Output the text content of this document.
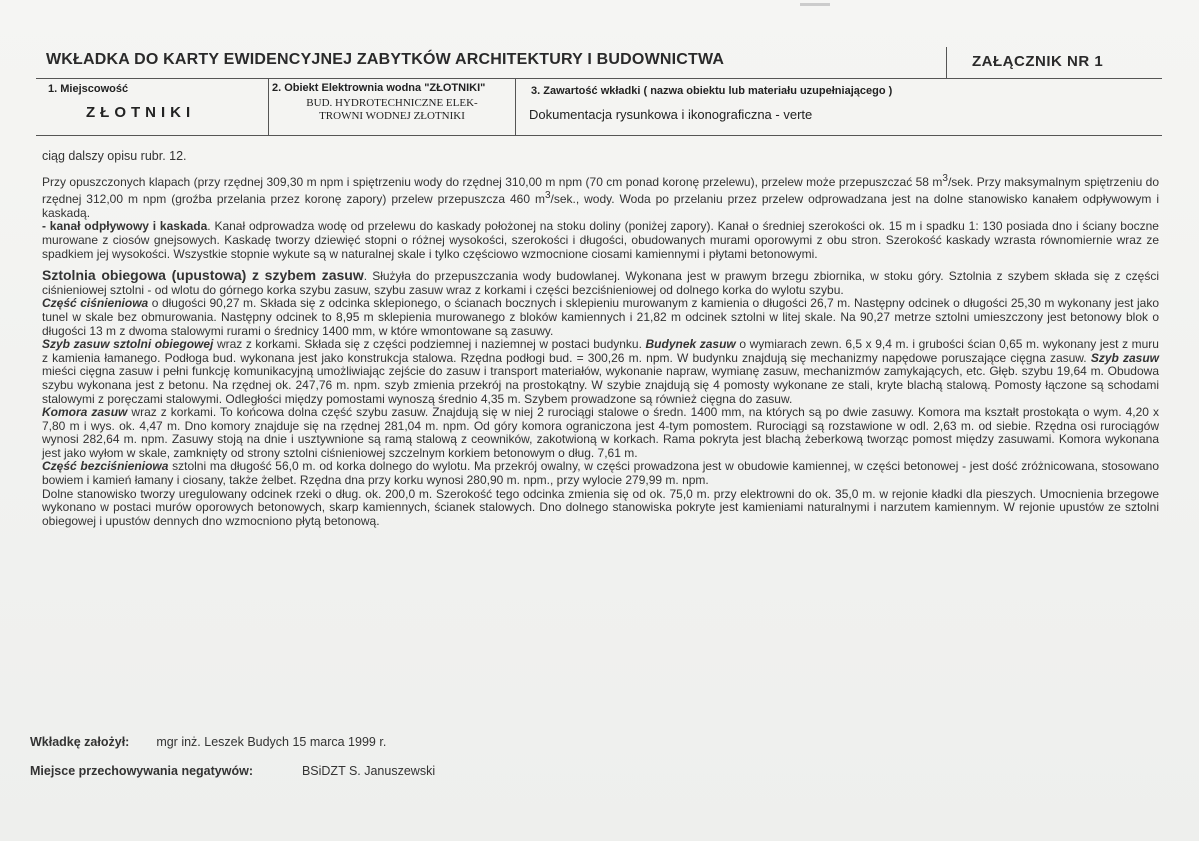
WKŁADKA DO KARTY EWIDENCYJNEJ ZABYTKÓW ARCHITEKTURY I BUDOWNICTWA	ZAŁĄCZNIK NR 1
1. Miejscowość
ZŁOTNIKI
2. Obiekt Elektrownia wodna "ZŁOTNIKI"
BUD. HYDROTECHNICZNE ELEK-
TROWNI WODNEJ ZŁOTNIKI
3. Zawartość wkładki ( nazwa obiektu lub materiału uzupełniającego )
Dokumentacja rysunkowa i ikonograficzna - verte

ciąg dalszy opisu rubr. 12.

Przy opuszczonych klapach (przy rzędnej 309,30 m npm i spiętrzeniu wody do rzędnej 310,00 m npm (70 cm ponad koronę przelewu), przelew może przepuszczać 58 $m^3$/sek. Przy maksymalnym spiętrzeniu do rzędnej 312,00 m npm (groźba przelania przez koronę zapory) przelew przepuszcza 460 $m^3$/sek., wody. Woda po przelaniu przez przelew odprowadzana jest na dolne stanowisko kanałem odpływowym i kaskadą.

- kanał odpływowy i kaskada. Kanał odprowadza wodę od przelewu do kaskady położonej na stoku doliny (poniżej zapory). Kanał o średniej szerokości ok. 15 m i spadku 1: 130 posiada dno i ściany boczne murowane z ciosów gnejsowych. Kaskadę tworzy dziewięć stopni o różnej wysokości, szerokości i długości, obudowanych murami oporowymi z obu stron. Szerokość kaskady wzrasta równomiernie wraz ze spadkiem jej wysokości. Wszystkie stopnie wykute są w naturalnej skale i tylko częściowo wzmocnione ciosami kamiennymi i płytami betonowymi.

Sztolnia obiegowa (upustowa) z szybem zasuw. Służyła do przepuszczania wody budowlanej. Wykonana jest w prawym brzegu zbiornika, w stoku góry. Sztolnia z szybem składa się z części ciśnieniowej sztolni - od wlotu do górnego korka szybu zasuw, szybu zasuw wraz z korkami i części bezciśnieniowej od dolnego korka do wylotu szybu.

Część ciśnieniowa o długości 90,27 m. Składa się z odcinka sklepionego, o ścianach bocznych i sklepieniu murowanym z kamienia o długości 26,7 m. Następny odcinek o długości 25,30 m wykonany jest jako tunel w skale bez obmurowania. Następny odcinek to 8,95 m sklepienia murowanego z bloków kamiennych i 21,82 m odcinek sztolni w litej skale. Na 90,27 metrze sztolni umieszczony jest betonowy blok o długości 13 m z dwoma stalowymi rurami o średnicy 1400 mm, w które wmontowane są zasuwy.

Szyb zasuw sztolni obiegowej wraz z korkami. Składa się z części podziemnej i naziemnej w postaci budynku. Budynek zasuw o wymiarach zewn. 6,5 x 9,4 m. i grubości ścian 0,65 m. wykonany jest z muru z kamienia łamanego. Podłoga bud. wykonana jest jako konstrukcja stalowa. Rzędna podłogi bud. = 300,26 m. npm. W budynku znajdują się mechanizmy napędowe poruszające cięgna zasuw. Szyb zasuw mieści cięgna zasuw i pełni funkcję komunikacyjną umożliwiając zejście do zasuw i transport materiałów, wykonanie napraw, wymianę zasuw, mechanizmów zamykających, etc. Głęb. szybu 19,64 m. Obudowa szybu wykonana jest z betonu. Na rzędnej ok. 247,76 m. npm. szyb zmienia przekrój na prostokątny. W szybie znajdują się 4 pomosty wykonane ze stali, kryte blachą stalową. Pomosty łączone są schodami stalowymi z poręczami stalowymi. Odległości między pomostami wynoszą średnio 4,35 m. Szybem prowadzone są również cięgna do zasuw.

Komora zasuw wraz z korkami. To końcowa dolna część szybu zasuw. Znajdują się w niej 2 rurociągi stalowe o średn. 1400 mm, na których są po dwie zasuwy. Komora ma kształt prostokąta o wym. 4,20 x 7,80 m i wys. ok. 4,47 m. Dno komory znajduje się na rzędnej 281,04 m. npm. Od góry komora ograniczona jest 4-tym pomostem. Rurociągi są rozstawione w odl. 2,63 m. od siebie. Rzędna osi rurociągów wynosi 282,64 m. npm. Zasuwy stoją na dnie i usztywnione są ramą stalową z ceowników, zakotwioną w korkach. Rama pokryta jest blachą żeberkową tworząc pomost między zasuwami. Komora wykonana jest jako wyłom w skale, zamknięty od strony sztolni ciśnieniowej szczelnym korkiem betonowym o dług. 7,61 m.

Część bezciśnieniowa sztolni ma długość 56,0 m. od korka dolnego do wylotu. Ma przekrój owalny, w części prowadzona jest w obudowie kamiennej, w części betonowej - jest dość zróżnicowana, stosowano bowiem i kamień łamany i ciosany, także żelbet. Rzędna dna przy korku wynosi 280,90 m. npm., przy wylocie 279,99 m. npm.

Dolne stanowisko tworzy uregulowany odcinek rzeki o dług. ok. 200,0 m. Szerokość tego odcinka zmienia się od ok. 75,0 m. przy elektrowni do ok. 35,0 m. w rejonie kładki dla pieszych. Umocnienia brzegowe wykonano w postaci murów oporowych betonowych, skarp kamiennych, ścianek stalowych. Dno dolnego stanowiska pokryte jest kamieniami naturalnymi i narzutem kamiennym. W rejonie upustów ze sztolni obiegowej i upustów dennych dno wzmocniono płytą betonową.

Wkładkę założył: mgr inż. Leszek Budych 15 marca 1999 r.
Miejsce przechowywania negatywów:	BSiDZT S. Januszewski
